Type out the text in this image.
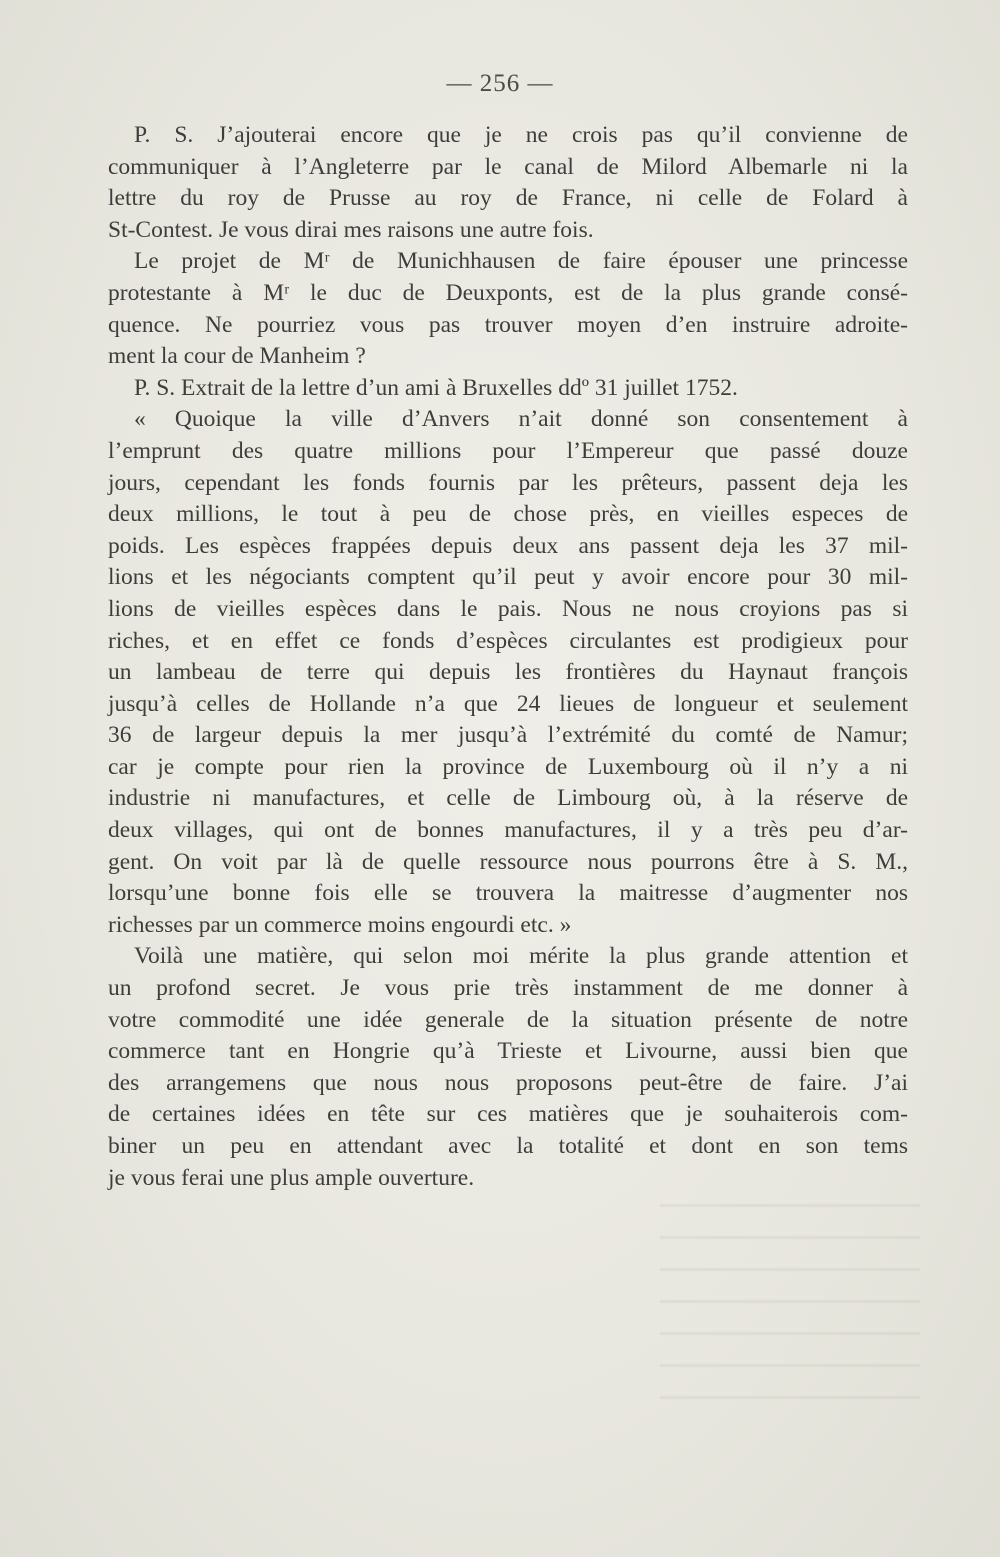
— 256 —
P. S. J’ajouterai encore que je ne crois pas qu’il convienne de
communiquer à l’Angleterre par le canal de Milord Albemarle ni la
lettre du roy de Prusse au roy de France, ni celle de Folard à
St-Contest. Je vous dirai mes raisons une autre fois.
Le projet de Mʳ de Munichhausen de faire épouser une princesse
protestante à Mʳ le duc de Deuxponts, est de la plus grande consé-
quence. Ne pourriez vous pas trouver moyen d’en instruire adroite-
ment la cour de Manheim ?
P. S. Extrait de la lettre d’un ami à Bruxelles ddº 31 juillet 1752.
« Quoique la ville d’Anvers n’ait donné son consentement à
l’emprunt des quatre millions pour l’Empereur que passé douze
jours, cependant les fonds fournis par les prêteurs, passent deja les
deux millions, le tout à peu de chose près, en vieilles especes de
poids. Les espèces frappées depuis deux ans passent deja les 37 mil-
lions et les négociants comptent qu’il peut y avoir encore pour 30 mil-
lions de vieilles espèces dans le pais. Nous ne nous croyions pas si
riches, et en effet ce fonds d’espèces circulantes est prodigieux pour
un lambeau de terre qui depuis les frontières du Haynaut françois
jusqu’à celles de Hollande n’a que 24 lieues de longueur et seulement
36 de largeur depuis la mer jusqu’à l’extrémité du comté de Namur;
car je compte pour rien la province de Luxembourg où il n’y a ni
industrie ni manufactures, et celle de Limbourg où, à la réserve de
deux villages, qui ont de bonnes manufactures, il y a très peu d’ar-
gent. On voit par là de quelle ressource nous pourrons être à S. M.,
lorsqu’une bonne fois elle se trouvera la maitresse d’augmenter nos
richesses par un commerce moins engourdi etc. »
Voilà une matière, qui selon moi mérite la plus grande attention et
un profond secret. Je vous prie très instamment de me donner à
votre commodité une idée generale de la situation présente de notre
commerce tant en Hongrie qu’à Trieste et Livourne, aussi bien que
des arrangemens que nous nous proposons peut-être de faire. J’ai
de certaines idées en tête sur ces matières que je souhaiterois com-
biner un peu en attendant avec la totalité et dont en son tems
je vous ferai une plus ample ouverture.
